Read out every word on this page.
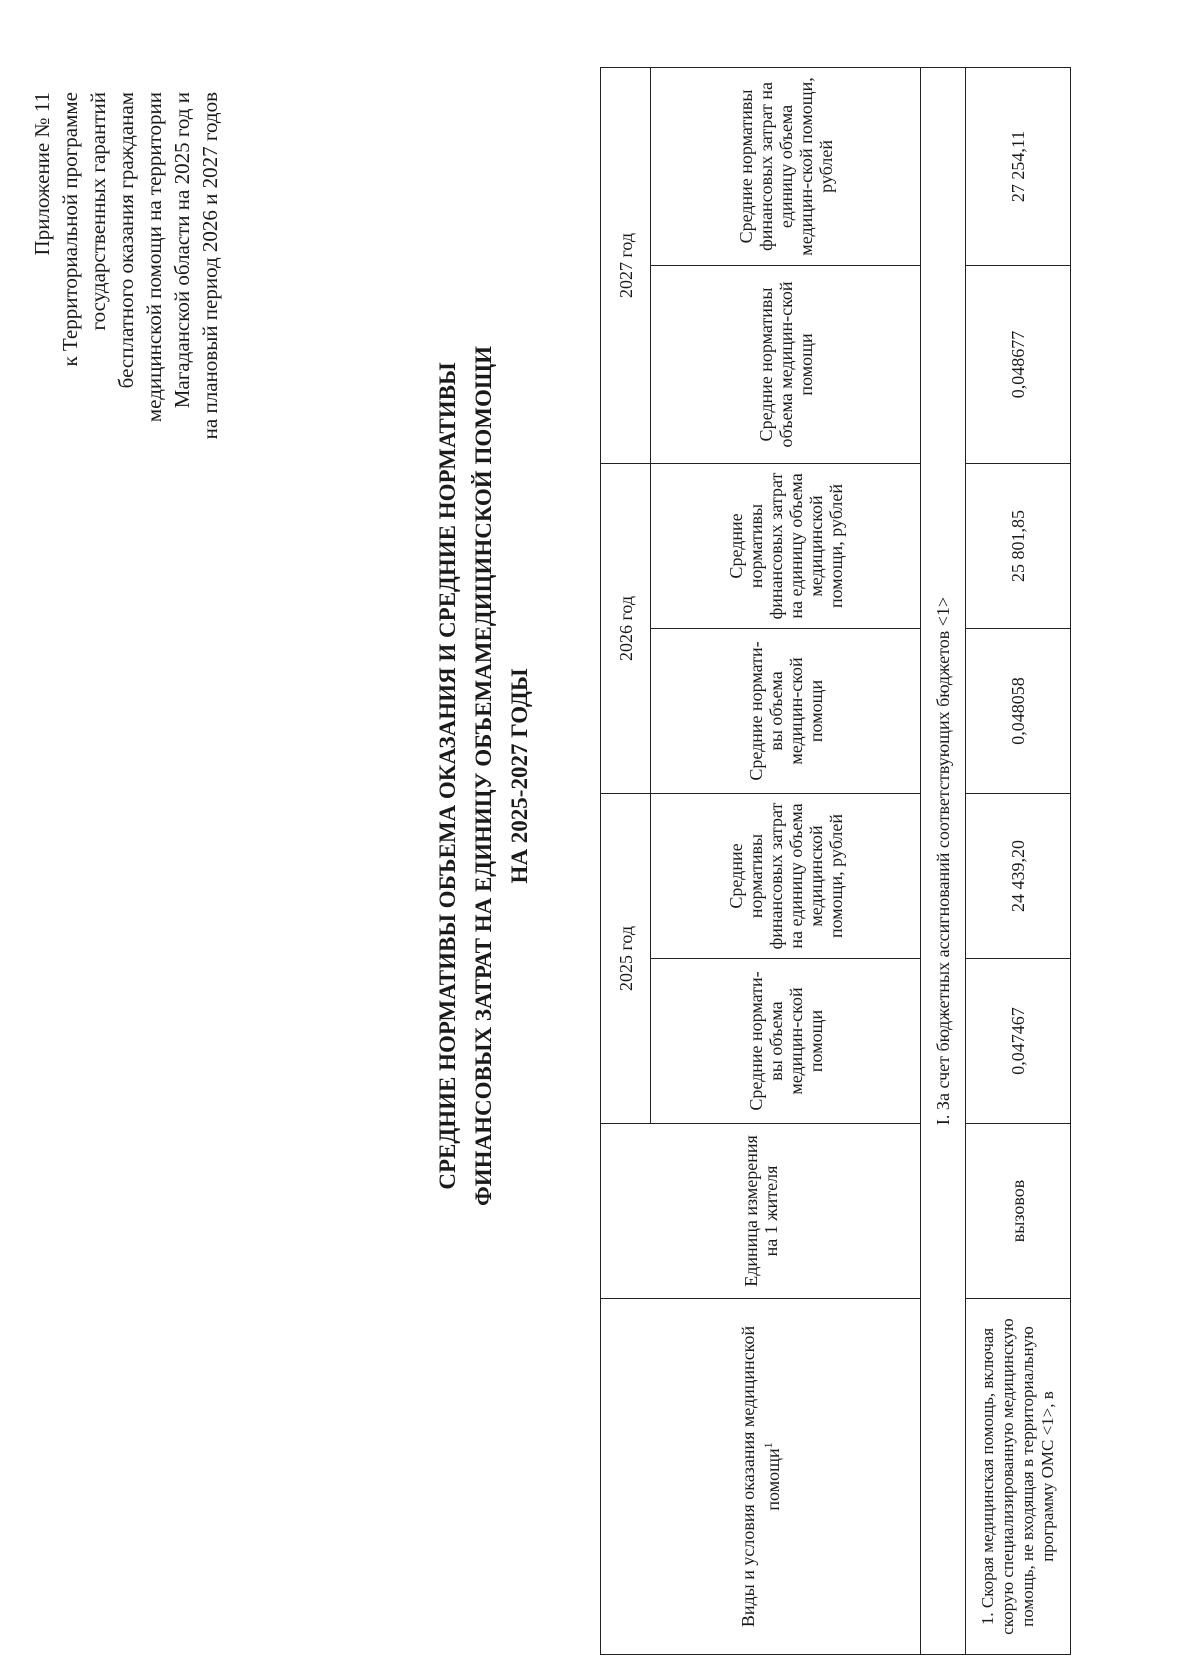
Приложение № 11 к Территориальной программе государственных гарантий бесплатного оказания гражданам медицинской помощи на территории Магаданской области на 2025 год и на плановый период 2026 и 2027 годов
СРЕДНИЕ НОРМАТИВЫ ОБЪЕМА ОКАЗАНИЯ И СРЕДНИЕ НОРМАТИВЫ ФИНАНСОВЫХ ЗАТРАТ НА ЕДИНИЦУ ОБЪЕМАМЕДИЦИНСКОЙ ПОМОЩИ НА 2025-2027 ГОДЫ
Виды и условия оказания медицинской помощи$^1$	Единица измерения на 1 жителя	2025 год		2026 год		2027 год	
		Средние нормати-вы объема медицин-ской помощи	Средние нормативы финансовых затрат на единицу объема медицинской помощи, рублей	Средние нормати-вы объема медицин-ской помощи	Средние нормативы финансовых затрат на единицу объема медицинской помощи, рублей	Средние нормативы объема медицин-ской помощи	Средние нормативы финансовых затрат на единицу объема медицин-ской помощи, рублей
I. За счет бюджетных ассигнований соответствующих бюджетов <1>							
1. Скорая медицинская помощь, включая скорую специализированную медицинскую помощь, не входящая в территориальную программу ОМС <1>, в	вызовов	0,047467	24 439,20	0,048058	25 801,85	0,048677	27 254,11
